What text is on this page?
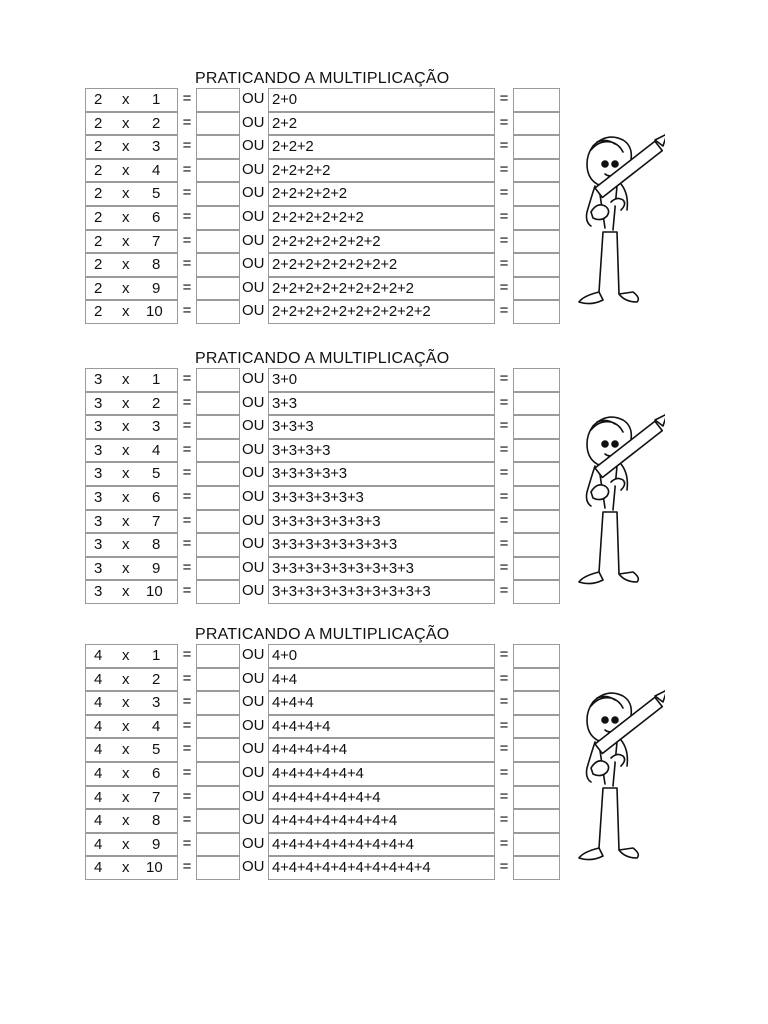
PRATICANDO A MULTIPLICAÇÃO
2 x 1	=	OU 2+0	=
2 x 2	=	OU 2+2	=
2 x 3	=	OU 2+2+2	=
2 x 4	=	OU 2+2+2+2	=
2 x 5	=	OU 2+2+2+2+2	=
2 x 6	=	OU 2+2+2+2+2+2	=
2 x 7	=	OU 2+2+2+2+2+2+2	=
2 x 8	=	OU 2+2+2+2+2+2+2+2	=
2 x 9	=	OU 2+2+2+2+2+2+2+2+2	=
2 x 10	=	OU 2+2+2+2+2+2+2+2+2+2	=
PRATICANDO A MULTIPLICAÇÃO
3 x 1	=	OU 3+0	=
3 x 2	=	OU 3+3	=
3 x 3	=	OU 3+3+3	=
3 x 4	=	OU 3+3+3+3	=
3 x 5	=	OU 3+3+3+3+3	=
3 x 6	=	OU 3+3+3+3+3+3	=
3 x 7	=	OU 3+3+3+3+3+3+3	=
3 x 8	=	OU 3+3+3+3+3+3+3+3	=
3 x 9	=	OU 3+3+3+3+3+3+3+3+3	=
3 x 10	=	OU 3+3+3+3+3+3+3+3+3+3	=
PRATICANDO A MULTIPLICAÇÃO
4 x 1	=	OU 4+0	=
4 x 2	=	OU 4+4	=
4 x 3	=	OU 4+4+4	=
4 x 4	=	OU 4+4+4+4	=
4 x 5	=	OU 4+4+4+4+4	=
4 x 6	=	OU 4+4+4+4+4+4	=
4 x 7	=	OU 4+4+4+4+4+4+4	=
4 x 8	=	OU 4+4+4+4+4+4+4+4	=
4 x 9	=	OU 4+4+4+4+4+4+4+4+4	=
4 x 10	=	OU 4+4+4+4+4+4+4+4+4+4	=
